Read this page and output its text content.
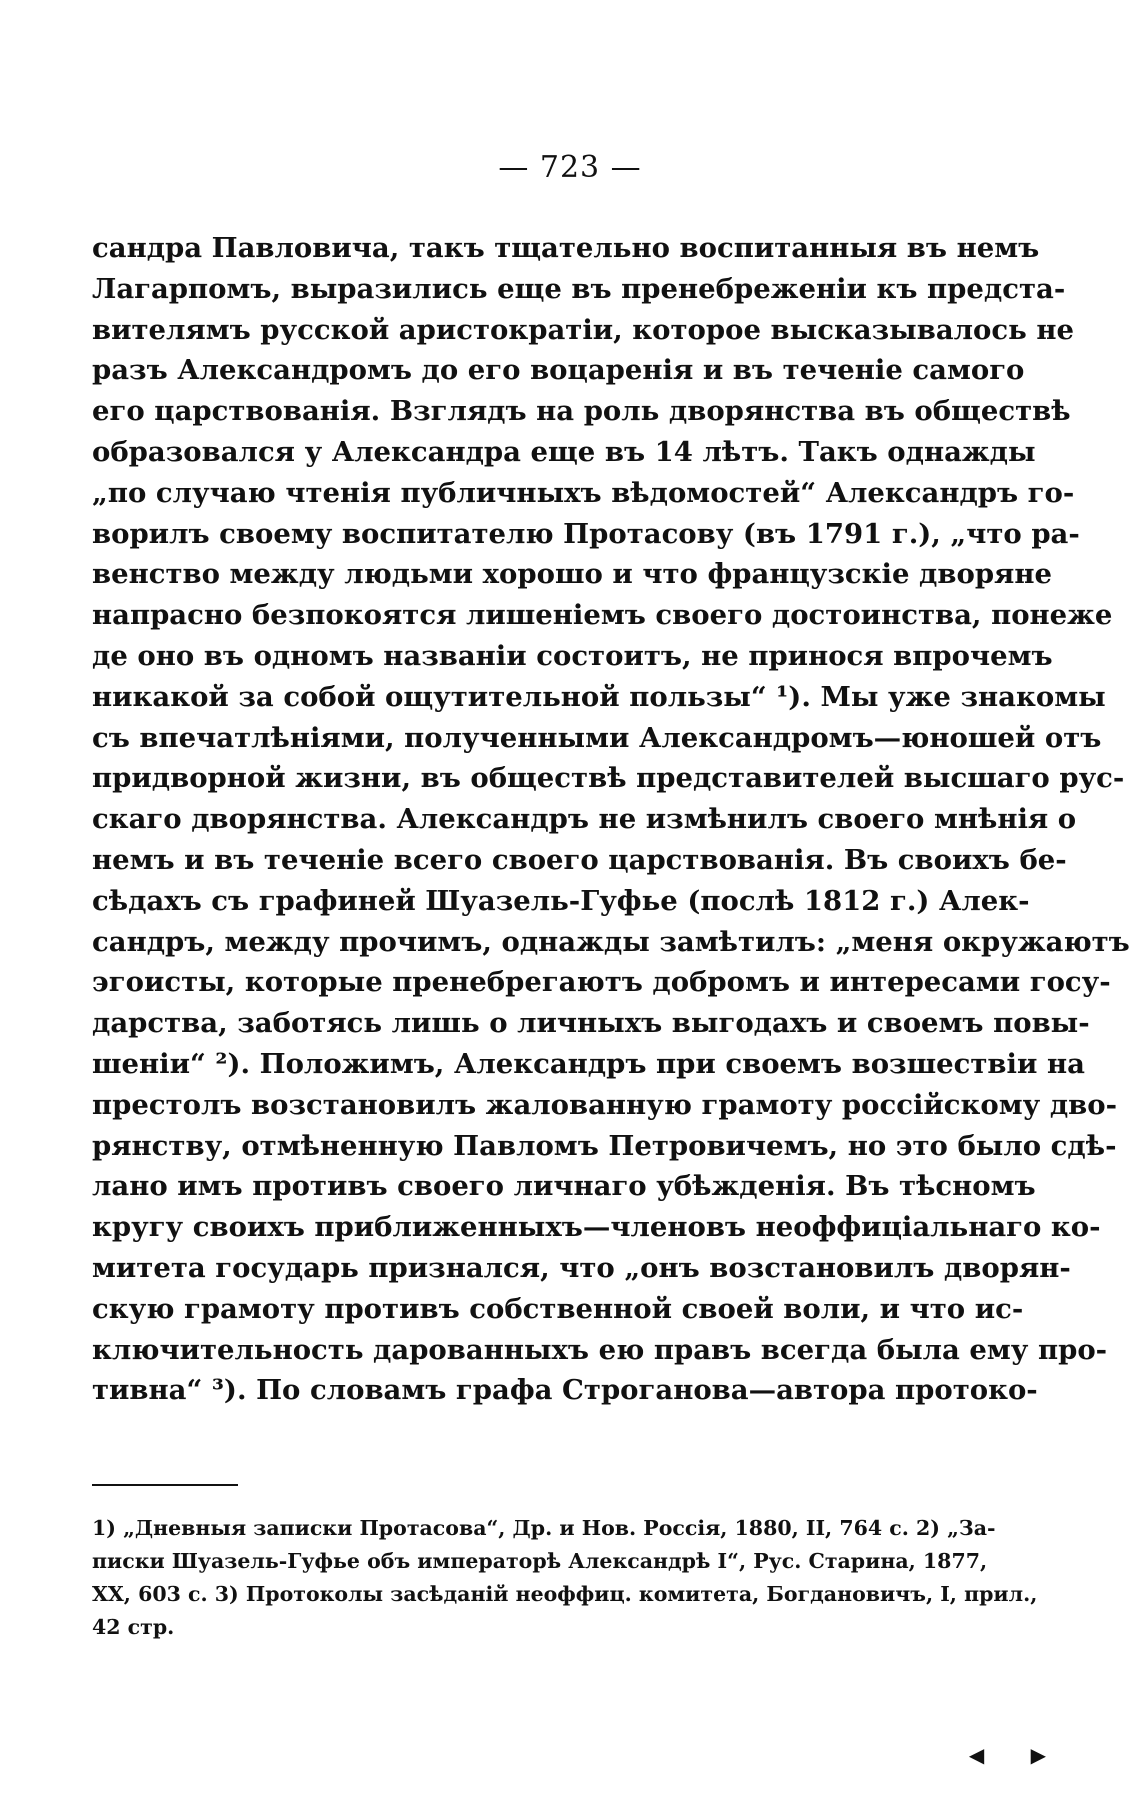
— 723 —
сандра Павловича, такъ тщательно воспитанныя въ немъ
Лагарпомъ, выразились еще въ пренебреженіи къ предста-
вителямъ русской аристократіи, которое высказывалось не
разъ Александромъ до его воцаренія и въ теченіе самого
его царствованія. Взглядъ на роль дворянства въ обществѣ
образовался у Александра еще въ 14 лѣтъ. Такъ однажды
„по случаю чтенія публичныхъ вѣдомостей“ Александръ го-
ворилъ своему воспитателю Протасову (въ 1791 г.), „что ра-
венство между людьми хорошо и что французскіе дворяне
напрасно безпокоятся лишеніемъ своего достоинства, понеже
де оно въ одномъ названіи состоитъ, не принося впрочемъ
никакой за собой ощутительной пользы“ ¹). Мы уже знакомы
съ впечатлѣніями, полученными Александромъ—юношей отъ
придворной жизни, въ обществѣ представителей высшаго рус-
скаго дворянства. Александръ не измѣнилъ своего мнѣнія о
немъ и въ теченіе всего своего царствованія. Въ своихъ бе-
сѣдахъ съ графиней Шуазель-Гуфье (послѣ 1812 г.) Алек-
сандръ, между прочимъ, однажды замѣтилъ: „меня окружаютъ
эгоисты, которые пренебрегаютъ добромъ и интересами госу-
дарства, заботясь лишь о личныхъ выгодахъ и своемъ повы-
шеніи“ ²). Положимъ, Александръ при своемъ возшествіи на
престолъ возстановилъ жалованную грамоту россійскому дво-
рянству, отмѣненную Павломъ Петровичемъ, но это было сдѣ-
лано имъ противъ своего личнаго убѣжденія. Въ тѣсномъ
кругу своихъ приближенныхъ—членовъ неоффиціальнаго ко-
митета государь признался, что „онъ возстановилъ дворян-
скую грамоту противъ собственной своей воли, и что ис-
ключительность дарованныхъ ею правъ всегда была ему про-
тивна“ ³). По словамъ графа Строганова—автора протоко-
1) „Дневныя записки Протасова“, Др. и Нов. Россія, 1880, II, 764 с. 2) „За-
писки Шуазель-Гуфье объ императорѣ Александрѣ I“, Рус. Старина, 1877,
XX, 603 с. 3) Протоколы засѣданій неоффиц. комитета, Богдановичъ, I, прил.,
42 стр.
◀ ▶
